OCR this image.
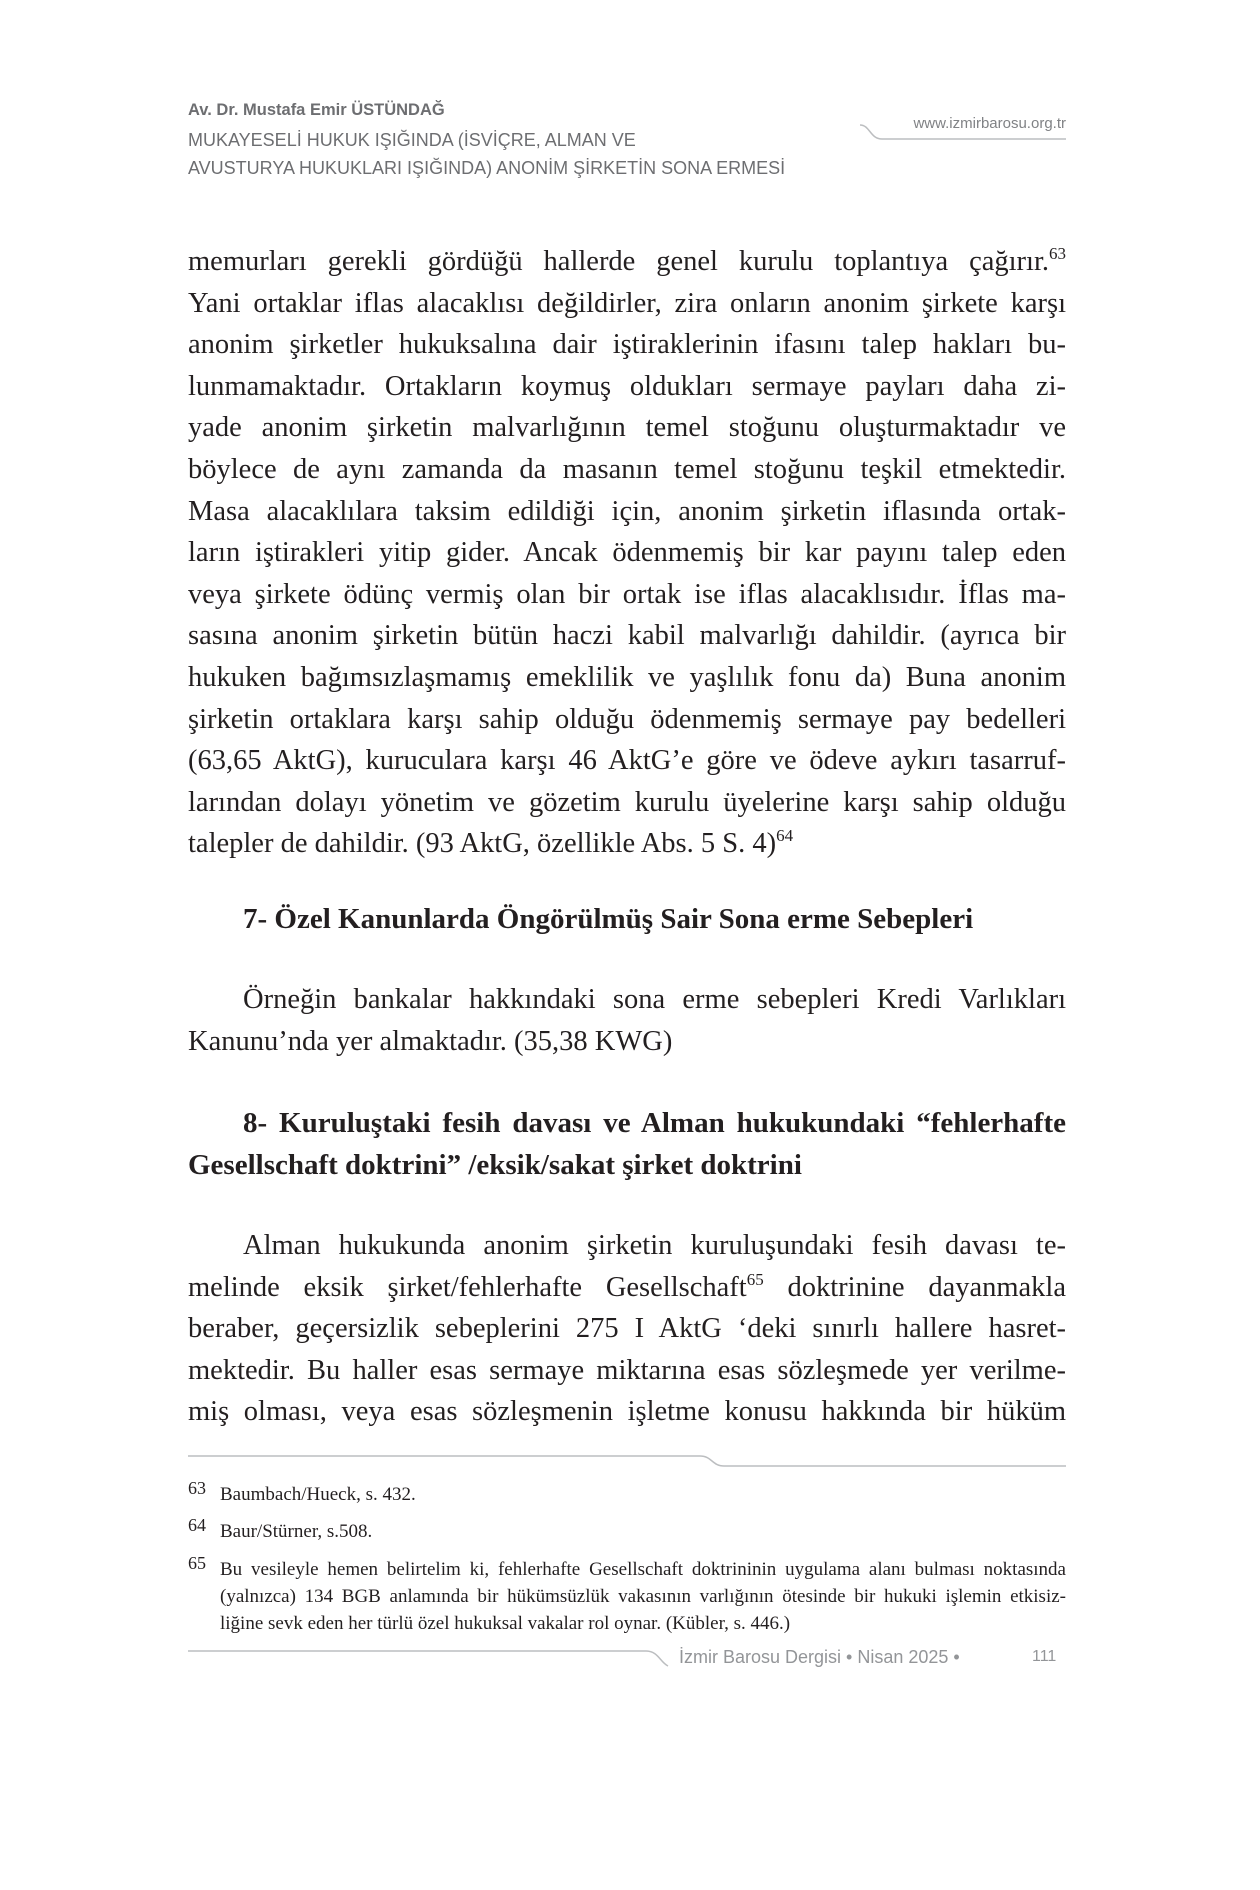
Av. Dr. Mustafa Emir ÜSTÜNDAĞ
MUKAYESELİ HUKUK IŞIĞINDA (İSVİÇRE, ALMAN VE
AVUSTURYA HUKUKLARI IŞIĞINDA) ANONİM ŞİRKETİN SONA ERMESİ
www.izmirbarosu.org.tr
memurları gerekli gördüğü hallerde genel kurulu toplantıya çağırır.$^{63}$
Yani ortaklar iflas alacaklısı değildirler, zira onların anonim şirkete karşı
anonim şirketler hukuksalına dair iştiraklerinin ifasını talep hakları bu-
lunmamaktadır. Ortakların koymuş oldukları sermaye payları daha zi-
yade anonim şirketin malvarlığının temel stoğunu oluşturmaktadır ve
böylece de aynı zamanda da masanın temel stoğunu teşkil etmektedir.
Masa alacaklılara taksim edildiği için, anonim şirketin iflasında ortak-
ların iştirakleri yitip gider. Ancak ödenmemiş bir kar payını talep eden
veya şirkete ödünç vermiş olan bir ortak ise iflas alacaklısıdır. İflas ma-
sasına anonim şirketin bütün haczi kabil malvarlığı dahildir. (ayrıca bir
hukuken bağımsızlaşmamış emeklilik ve yaşlılık fonu da) Buna anonim
şirketin ortaklara karşı sahip olduğu ödenmemiş sermaye pay bedelleri
(63,65 AktG), kuruculara karşı 46 AktG’e göre ve ödeve aykırı tasarruf-
larından dolayı yönetim ve gözetim kurulu üyelerine karşı sahip olduğu
talepler de dahildir. (93 AktG, özellikle Abs. 5 S. 4)$^{64}$
7- Özel Kanunlarda Öngörülmüş Sair Sona erme Sebepleri
Örneğin bankalar hakkındaki sona erme sebepleri Kredi Varlıkları
Kanunu’nda yer almaktadır. (35,38 KWG)
8- Kuruluştaki fesih davası ve Alman hukukundaki “fehlerhafte
Gesellschaft doktrini” /eksik/sakat şirket doktrini
Alman hukukunda anonim şirketin kuruluşundaki fesih davası te-
melinde eksik şirket/fehlerhafte Gesellschaft$^{65}$ doktrinine dayanmakla
beraber, geçersizlik sebeplerini 275 I AktG ‘deki sınırlı hallere hasret-
mektedir. Bu haller esas sermaye miktarına esas sözleşmede yer verilme-
miş olması, veya esas sözleşmenin işletme konusu hakkında bir hüküm
63 Baumbach/Hueck, s. 432.
64 Baur/Stürner, s.508.
65 Bu vesileyle hemen belirtelim ki, fehlerhafte Gesellschaft doktrininin uygulama alanı bulması noktasında
(yalnızca) 134 BGB anlamında bir hükümsüzlük vakasının varlığının ötesinde bir hukuki işlemin etkisiz-
liğine sevk eden her türlü özel hukuksal vakalar rol oynar. (Kübler, s. 446.)
İzmir Barosu Dergisi • Nisan 2025 •	111
